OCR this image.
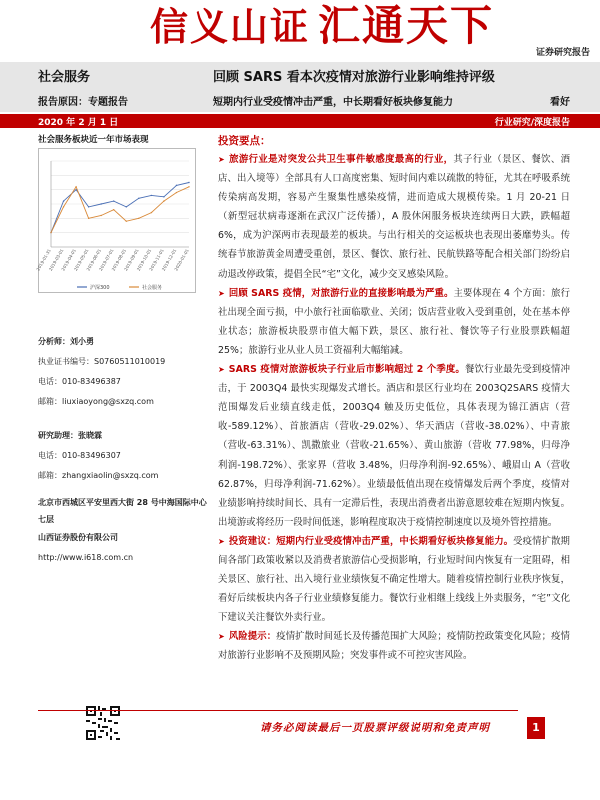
信义山证 汇通天下
证券研究报告
社会服务	回顾 SARS 看本次疫情对旅游行业影响维持评级
报告原因：专题报告	短期内行业受疫情冲击严重，中长期看好板块修复能力	看好
2020 年 2 月 1 日	行业研究/深度报告
社会服务板块近一年市场表现
2019-01-31
2019-03-01
2019-04-01
2019-05-01
2019-06-01
2019-07-01
2019-08-01
2019-09-01
2019-10-01
2019-11-01
2019-12-01
2020-01-01
沪深300	社会服务
分析师：刘小勇
执业证书编号：S0760511010019
电话：010-83496387
邮箱：liuxiaoyong@sxzq.com
研究助理：张晓霖
电话：010-83496307
邮箱：zhangxiaolin@sxzq.com
北京市西城区平安里西大街 28 号中海国际中心七层
山西证券股份有限公司
http://www.i618.com.cn
投资要点：

➤ 旅游行业是对突发公共卫生事件敏感度最高的行业，其子行业（景区、餐饮、酒店、出入境等）全部具有人口高度密集、短时间内难以疏散的特征，尤其在呼吸系统传染病高发期，容易产生聚集性感染疫情，进而造成大规模传染。1 月 20-21 日（新型冠状病毒逐渐在武汉广泛传播），A 股休闲服务板块连续两日大跌，跌幅超 6%，成为沪深两市表现最差的板块。与出行相关的交运板块也表现出萎靡势头。传统春节旅游黄金周遭受重创，景区、餐饮、旅行社、民航铁路等配合相关部门纷纷启动退改停政策，提倡全民“宅”文化，减少交叉感染风险。

➤ 回顾 SARS 疫情，对旅游行业的直接影响最为严重。主要体现在 4 个方面：旅行社出现全面亏损，中小旅行社面临歇业、关闭；饭店营业收入受到重创，处在基本停业状态；旅游板块股票市值大幅下跌，景区、旅行社、餐饮等子行业股票跌幅超 25%；旅游行业从业人员工资福利大幅缩减。

➤ SARS 疫情对旅游板块子行业后市影响超过 2 个季度。餐饮行业最先受到疫情冲击，于 2003Q4 最快实现爆发式增长。酒店和景区行业均在 2003Q2SARS 疫情大范围爆发后业绩直线走低，2003Q4 触及历史低位，具体表现为锦江酒店（营收-589.12%）、首旅酒店（营收-29.02%）、华天酒店（营收-38.02%）、中青旅（营收-63.31%）、凯撒旅业（营收-21.65%）、黄山旅游（营收 77.98%，归母净利润-198.72%）、张家界（营收 3.48%，归母净利润-92.65%）、峨眉山 A（营收 62.87%，归母净利润-71.62%）。业绩最低值出现在疫情爆发后两个季度，疫情对业绩影响持续时间长、具有一定滞后性，表现出消费者出游意愿较难在短期内恢复。出境游或将经历一段时间低迷，影响程度取决于疫情控制速度以及境外管控措施。

➤ 投资建议：短期内行业受疫情冲击严重，中长期看好板块修复能力。受疫情扩散期间各部门政策收紧以及消费者旅游信心受损影响，行业短时间内恢复有一定阻碍，相关景区、旅行社、出入境行业业绩恢复不确定性增大。随着疫情控制行业秩序恢复，看好后续板块内各子行业业绩修复能力。餐饮行业相继上线线上外卖服务，“宅”文化下建议关注餐饮外卖行业。

➤ 风险提示：疫情扩散时间延长及传播范围扩大风险；疫情防控政策变化风险；疫情对旅游行业影响不及预期风险；突发事件或不可控灾害风险。

请务必阅读最后一页股票评级说明和免责声明	1
